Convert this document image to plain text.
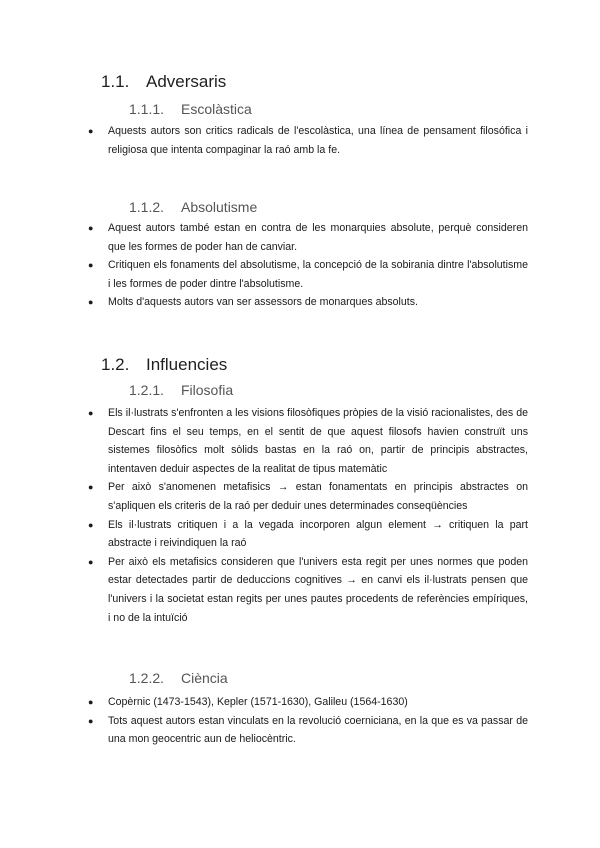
1.1. Adversaris
1.1.1. Escolàstica
● Aquests autors son critics radicals de l'escolàstica, una línea de pensament filosófica i religiosa que intenta compaginar la raó amb la fe.
1.1.2. Absolutisme
● Aquest autors també estan en contra de les monarquies absolute, perquè consideren que les formes de poder han de canviar.
● Critiquen els fonaments del absolutisme, la concepció de la sobirania dintre l'absolutisme i les formes de poder dintre l'absolutisme.
● Molts d'aquests autors van ser assessors de monarques absoluts.
1.2. Influencies
1.2.1. Filosofia
● Els il·lustrats s'enfronten a les visions filosòfiques pròpies de la visió racionalistes, des de Descart fins el seu temps, en el sentit de que aquest filosofs havien construït uns sistemes filosòfics molt sòlids bastas en la raó on, partir de principis abstractes, intentaven deduir aspectes de la realitat de tipus matemàtic
● Per això s'anomenen metafisics → estan fonamentats en principis abstractes on s'apliquen els criteris de la raó per deduir unes determinades conseqüències
● Els il·lustrats critiquen i a la vegada incorporen algun element → critiquen la part abstracte i reivindiquen la raó
● Per això els metafisics consideren que l'univers esta regit per unes normes que poden estar detectades partir de deduccions cognitives → en canvi els il·lustrats pensen que l'univers i la societat estan regits per unes pautes procedents de referències empíriques, i no de la intuïció
1.2.2. Ciència
● Copèrnic (1473-1543), Kepler (1571-1630), Galileu (1564-1630)
● Tots aquest autors estan vinculats en la revolució coerniciana, en la que es va passar de una mon geocentric aun de heliocèntric.
